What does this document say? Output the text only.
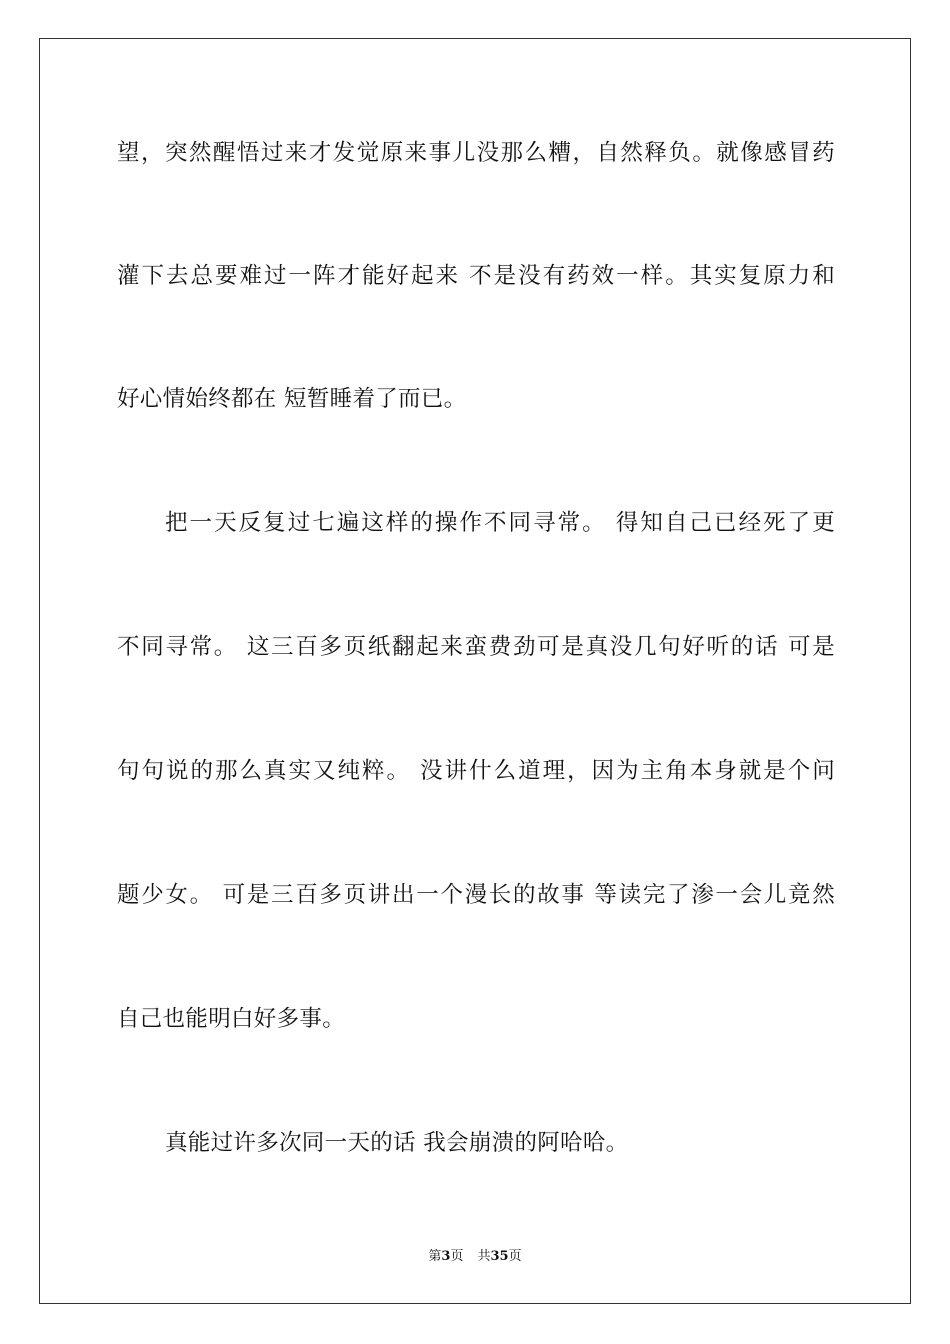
望，突然醒悟过来才发觉原来事儿没那么糟，自然释负。就像感冒药
灌下去总要难过一阵才能好起来 不是没有药效一样。其实复原力和
好心情始终都在 短暂睡着了而已。
把一天反复过七遍这样的操作不同寻常。 得知自己已经死了更
不同寻常。 这三百多页纸翻起来蛮费劲可是真没几句好听的话 可是
句句说的那么真实又纯粹。 没讲什么道理，因为主角本身就是个问
题少女。 可是三百多页讲出一个漫长的故事 等读完了渗一会儿竟然
自己也能明白好多事。
真能过许多次同一天的话 我会崩溃的阿哈哈。
第3页 共35页
